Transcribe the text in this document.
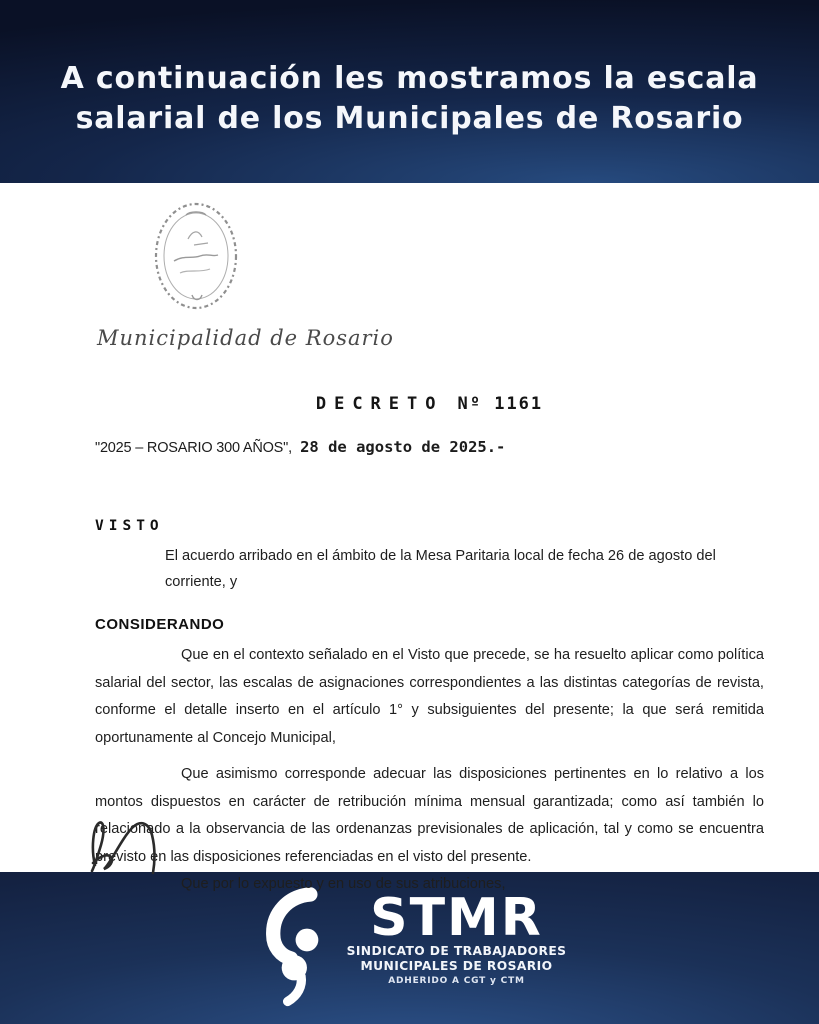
A continuación les mostramos la escala
salarial de los Municipales de Rosario
Municipalidad de Rosario
DECRETO Nº 1161
"2025 – ROSARIO 300 AÑOS", 28 de agosto de 2025.-
VISTO
El acuerdo arribado en el ámbito de la Mesa Paritaria local de fecha 26 de agosto del corriente, y
CONSIDERANDO

Que en el contexto señalado en el Visto que precede, se ha resuelto aplicar como política salarial del sector, las escalas de asignaciones correspondientes a las distintas categorías de revista, conforme el detalle inserto en el artículo 1° y subsiguientes del presente; la que será remitida oportunamente al Concejo Municipal,

Que asimismo corresponde adecuar las disposiciones pertinentes en lo relativo a los montos dispuestos en carácter de retribución mínima mensual garantizada; como así también lo relacionado a la observancia de las ordenanzas previsionales de aplicación, tal y como se encuentra previsto en las disposiciones referenciadas en el visto del presente.

Que por lo expuesto y en uso de sus atribuciones,

STMR
SINDICATO DE TRABAJADORES
MUNICIPALES DE ROSARIO
ADHERIDO A CGT y CTM
